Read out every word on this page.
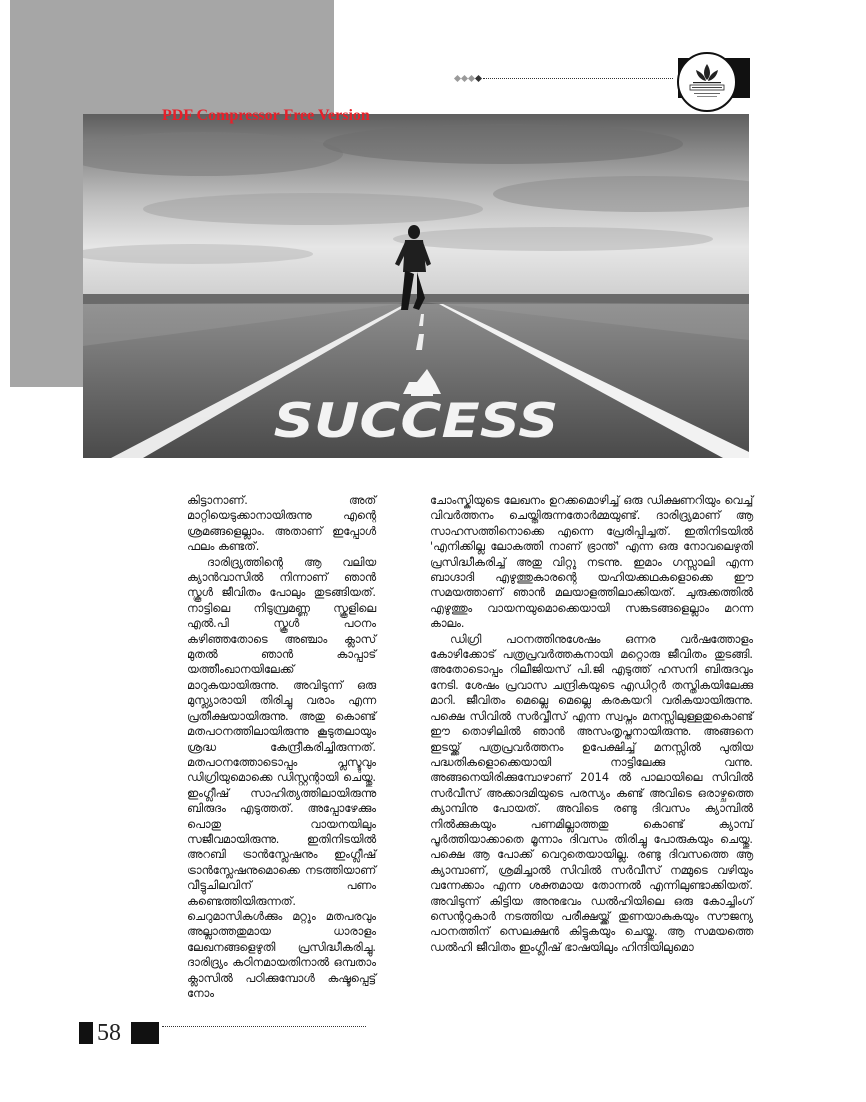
SUCCESS
PDF Compressor Free Version

കിട്ടാനാണ്. അത് മാറ്റിയെടുക്കാനായിരുന്നു എന്റെ ശ്രമങ്ങളെല്ലാം. അതാണ് ഇപ്പോൾ ഫലം കണ്ടത്.

ദാരിദ്ര്യത്തിന്റെ ആ വലിയ ക്യാൻവാസിൽ നിന്നാണ് ഞാൻ സ്കൂൾ ജീവിതം പോലും തുടങ്ങിയത്. നാട്ടിലെ നിടുമ്പ്രമണ്ണ സ്കൂളിലെ എൽ.പി സ്കൂൾ പഠനം കഴിഞ്ഞതോടെ അഞ്ചാം ക്ലാസ് മുതൽ ഞാൻ കാപ്പാട് യത്തീംഖാനയിലേക്ക് മാറുകയായിരുന്നു. അവിടുന്ന് ഒരു മുസ്ല്യാരായി തിരിച്ചു വരാം എന്ന പ്രതീക്ഷയായിരുന്നു. അതു കൊണ്ട് മതപഠനത്തിലായിരുന്നു കൂടുതലായും ശ്രദ്ധ കേന്ദ്രീകരിച്ചിരുന്നത്. മതപഠനത്തോടൊപ്പം പ്ലസ്ടുവും ഡിഗ്രിയുമൊക്കെ ഡിസ്റ്റന്റായി ചെയ്തു. ഇംഗ്ലീഷ് സാഹിത്യത്തിലായിരുന്നു ബിരുദം എടുത്തത്. അപ്പോഴേക്കും പൊതു വായനയിലും സജീവമായിരുന്നു. ഇതിനിടയിൽ അറബി ട്രാൻസ്ലേഷനും ഇംഗ്ലീഷ് ട്രാൻസ്ലേഷനുമൊക്കെ നടത്തിയാണ് വീട്ടുചിലവിന് പണം കണ്ടെത്തിയിരുന്നത്. ചെറുമാസികൾക്കും മറ്റും മതപരവും അല്ലാത്തതുമായ ധാരാളം ലേഖനങ്ങളെഴുതി പ്രസിദ്ധീകരിച്ചു. ദാരിദ്ര്യം കഠിനമായതിനാൽ ഒമ്പതാം ക്ലാസിൽ പഠിക്കുമ്പോൾ കഷ്ടപ്പെട്ട് നോം

ചോംസ്കിയുടെ ലേഖനം ഉറക്കമൊഴിച്ച് ഒരു ഡിക്ഷണറിയും വെച്ച് വിവർത്തനം ചെയ്തിരുന്നതോർമ്മയുണ്ട്. ദാരിദ്ര്യമാണ് ആ സാഹസത്തിനൊക്കെ എന്നെ പ്രേരിപ്പിച്ചത്. ഇതിനിടയിൽ 'എനിക്കില്ല ലോകത്തി നാണ് ഭ്രാന്ത്' എന്ന ഒരു നോവലെഴുതി പ്രസിദ്ധീകരിച്ച് അതു വിറ്റു നടന്നു. ഇമാം ഗസ്സാലി എന്ന ബാഗ്ദാദി എഴുത്തുകാരന്റെ യഹിയക്കഥകളൊക്കെ ഈ സമയത്താണ് ഞാൻ മലയാളത്തിലാക്കിയത്. ചുരുക്കത്തിൽ എഴുത്തും വായനയുമൊക്കെയായി സങ്കടങ്ങളെല്ലാം മറന്ന കാലം.

ഡിഗ്രി പഠനത്തിനുശേഷം ഒന്നര വർഷത്തോളം കോഴിക്കോട് പത്രപ്രവർത്തകനായി മറ്റൊരു ജീവിതം തുടങ്ങി. അതോടൊപ്പം റിലീജിയസ് പി.ജി എടുത്ത് ഹസനി ബിരുദവും നേടി. ശേഷം പ്രവാസ ചന്ദ്രികയുടെ എഡിറ്റർ തസ്തികയിലേക്കു മാറി. ജീവിതം മെല്ലെ മെല്ലെ കരകയറി വരികയായിരുന്നു. പക്ഷെ സിവിൽ സർവ്വീസ് എന്ന സ്വപ്നം മനസ്സിലുള്ളതുകൊണ്ട് ഈ തൊഴിലിൽ ഞാൻ അസംതൃപ്തനായിരുന്നു. അങ്ങനെ ഇടയ്ക്ക് പത്രപ്രവർത്തനം ഉപേക്ഷിച്ച് മനസ്സിൽ പുതിയ പദ്ധതികളൊക്കെയായി നാട്ടിലേക്കു വന്നു. അങ്ങനെയിരിക്കുമ്പോഴാണ് 2014 ൽ പാലായിലെ സിവിൽ സർവീസ് അക്കാദമിയുടെ പരസ്യം കണ്ട് അവിടെ ഒരാഴ്ചത്തെ ക്യാമ്പിനു പോയത്. അവിടെ രണ്ടു ദിവസം ക്യാമ്പിൽ നിൽക്കുകയും പണമില്ലാത്തതു കൊണ്ട് ക്യാമ്പ് പൂർത്തിയാക്കാതെ മൂന്നാം ദിവസം തിരിച്ചു പോരുകയും ചെയ്തു. പക്ഷെ ആ പോക്ക് വെറുതെയായില്ല. രണ്ടു ദിവസത്തെ ആ ക്യാമ്പാണ്, ശ്രമിച്ചാൽ സിവിൽ സർവീസ് നമ്മുടെ വഴിയും വന്നേക്കാം എന്ന ശക്തമായ തോന്നൽ എന്നിലുണ്ടാക്കിയത്. അവിടുന്ന് കിട്ടിയ അനുഭവം ഡൽഹിയിലെ ഒരു കോച്ചിംഗ് സെന്ററുകാർ നടത്തിയ പരീക്ഷയ്ക്ക് തുണയാകുകയും സൗജന്യ പഠനത്തിന് സെലക്ഷൻ കിട്ടുകയും ചെയ്തു. ആ സമയത്തെ ഡൽഹി ജീവിതം ഇംഗ്ലീഷ് ഭാഷയിലും ഹിന്ദിയിലുമൊ

58
